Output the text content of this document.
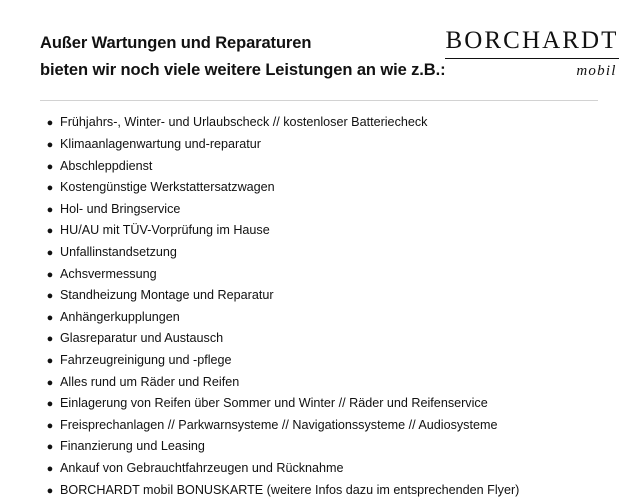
Außer Wartungen und Reparaturen
bieten wir noch viele weitere Leistungen an wie z.B.:
BORCHARDT
mobil
● Frühjahrs-, Winter- und Urlaubscheck // kostenloser Batteriecheck
● Klimaanlagenwartung und-reparatur
● Abschleppdienst
● Kostengünstige Werkstattersatzwagen
● Hol- und Bringservice
● HU/AU mit TÜV-Vorprüfung im Hause
● Unfallinstandsetzung
● Achsvermessung
● Standheizung Montage und Reparatur
● Anhängerkupplungen
● Glasreparatur und Austausch
● Fahrzeugreinigung und -pflege
● Alles rund um Räder und Reifen
● Einlagerung von Reifen über Sommer und Winter // Räder und Reifenservice
● Freisprechanlagen // Parkwarnsysteme // Navigationssysteme // Audiosysteme
● Finanzierung und Leasing
● Ankauf von Gebrauchtfahrzeugen und Rücknahme
● BORCHARDT mobil BONUSKARTE (weitere Infos dazu im entsprechenden Flyer)
